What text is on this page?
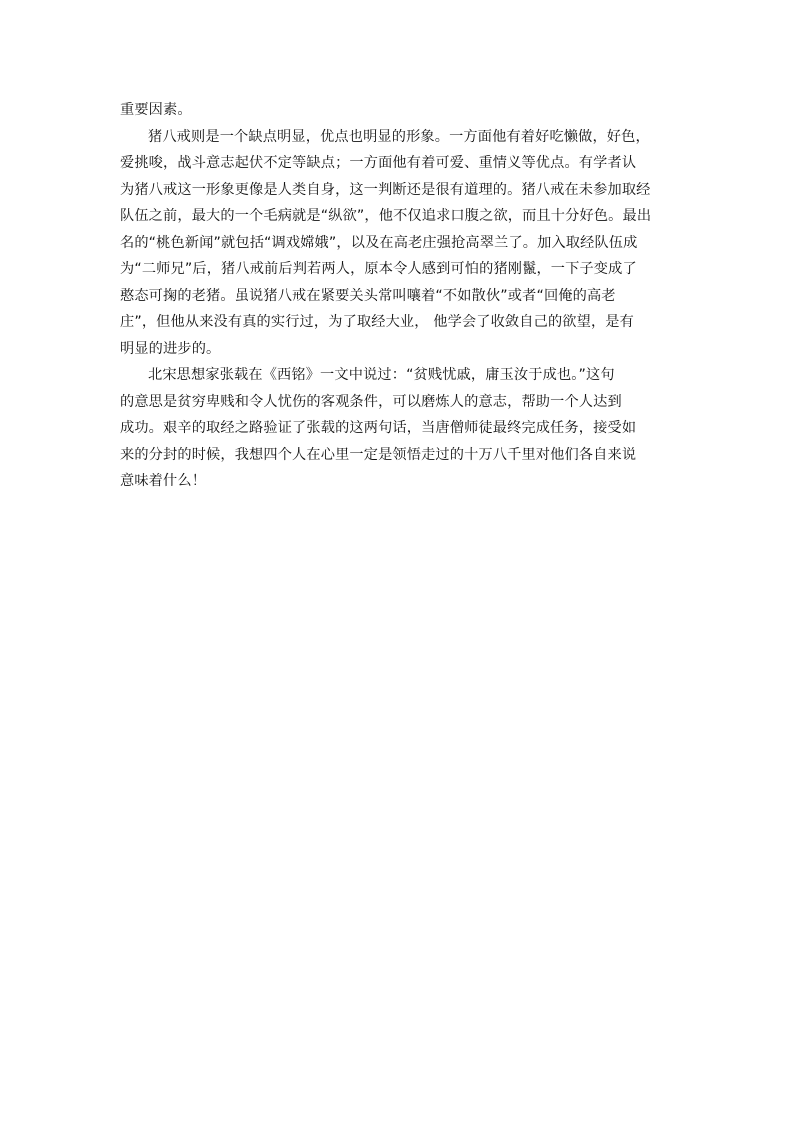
重要因素。
猪八戒则是一个缺点明显，优点也明显的形象。一方面他有着好吃懒做，好色，
爱挑唆，战斗意志起伏不定等缺点；一方面他有着可爱、重情义等优点。有学者认
为猪八戒这一形象更像是人类自身，这一判断还是很有道理的。猪八戒在未参加取经
队伍之前，最大的一个毛病就是“纵欲”，他不仅追求口腹之欲，而且十分好色。最出
名的“桃色新闻”就包括“调戏嫦娥”，以及在高老庄强抢高翠兰了。加入取经队伍成
为“二师兄”后，猪八戒前后判若两人，原本令人感到可怕的猪刚鬣，一下子变成了
憨态可掬的老猪。虽说猪八戒在紧要关头常叫嚷着“不如散伙”或者“回俺的高老
庄”，但他从来没有真的实行过，为了取经大业， 他学会了收敛自己的欲望，是有
明显的进步的。
北宋思想家张载在《西铭》一文中说过：“贫贱忧戚，庸玉汝于成也。”这句
的意思是贫穷卑贱和令人忧伤的客观条件，可以磨炼人的意志，帮助一个人达到
成功。艰辛的取经之路验证了张载的这两句话，当唐僧师徒最终完成任务，接受如
来的分封的时候，我想四个人在心里一定是领悟走过的十万八千里对他们各自来说
意味着什么！
